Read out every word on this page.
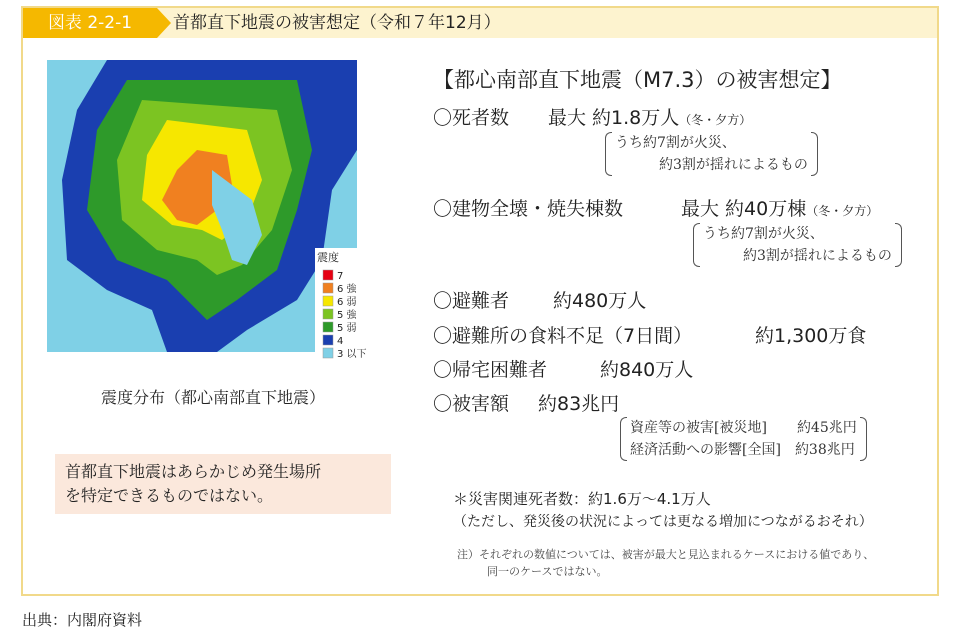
図表 2-2-1	首都直下地震の被害想定（令和７年12月）
震度
7
6 強
6 弱
5 強
5 弱
4
3 以下
震度分布（都心南部直下地震）
首都直下地震はあらかじめ発生場所
を特定できるものではない。
【都心南部直下地震（M7.3）の被害想定】
〇死者数 最大 約1.8万人（冬・夕方）
うち約7割が火災、
約3割が揺れによるもの
〇建物全壊・焼失棟数	最大 約40万棟（冬・夕方）
うち約7割が火災、
約3割が揺れによるもの
〇避難者 約480万人
〇避難所の食料不足（7日間）	約1,300万食
〇帰宅困難者	約840万人
〇被害額 約83兆円
資産等の被害[被災地] 約45兆円
経済活動への影響[全国] 約38兆円
＊災害関連死者数：約1.6万〜4.1万人
（ただし、発災後の状況によっては更なる増加につながるおそれ）
注）それぞれの数値については、被害が最大と見込まれるケースにおける値であり、
同一のケースではない。
出典：内閣府資料
